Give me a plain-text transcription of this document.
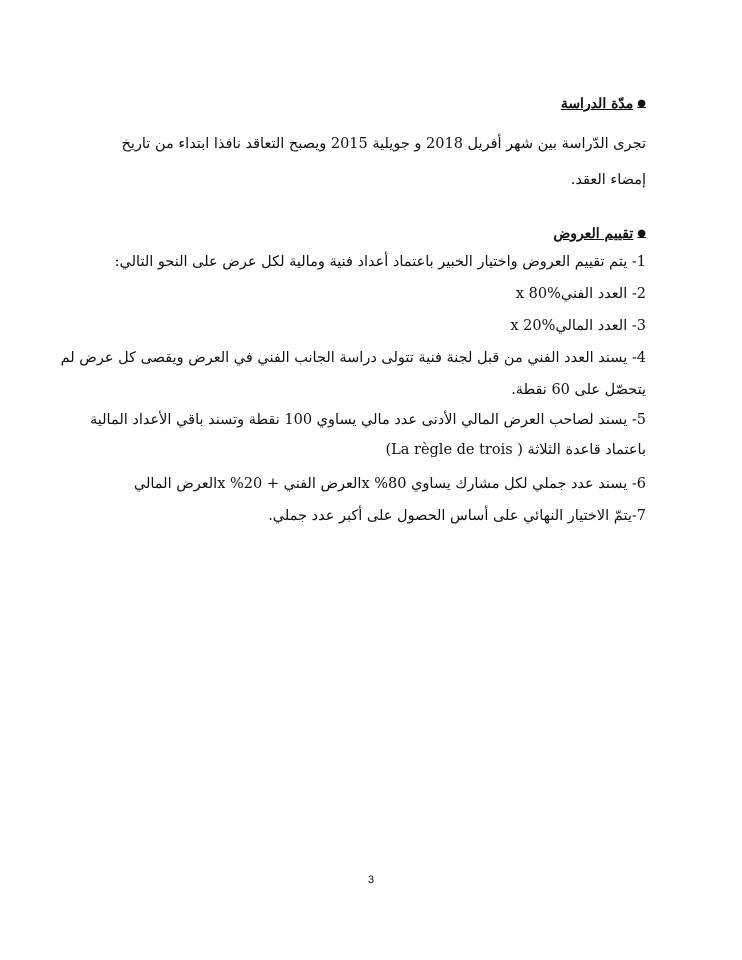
●
مدّة الدراسة
تجرى الدّراسة بين شهر أفريل 2018 و جويلية 2015 ويصبح التعاقد نافذا ابتداء من تاريخ إمضاء العقد.
●
تقييم العروض
1- يتم تقييم العروض واختيار الخبير باعتماد أعداد فنية ومالية لكل عرض على النحو التالي:
2- العدد الفنيx 80%
3- العدد الماليx 20%
4- يسند العدد الفني من قبل لجنة فنية تتولى دراسة الجانب الفني في العرض ويقصى كل عرض لم
يتحصّل على 60 نقطة.
5- يسند لصاحب العرض المالي الأدنى عدد مالي يساوي 100 نقطة وتسند باقي الأعداد المالية
باعتماد قاعدة الثلاثة ( La règle de trois)
6- يسند عدد جملي لكل مشارك يساوي 80% xالعرض الفني + 20% xالعرض المالي
7-يتمّ الاختيار النهائي على أساس الحصول على أكبر عدد جملي.
3
